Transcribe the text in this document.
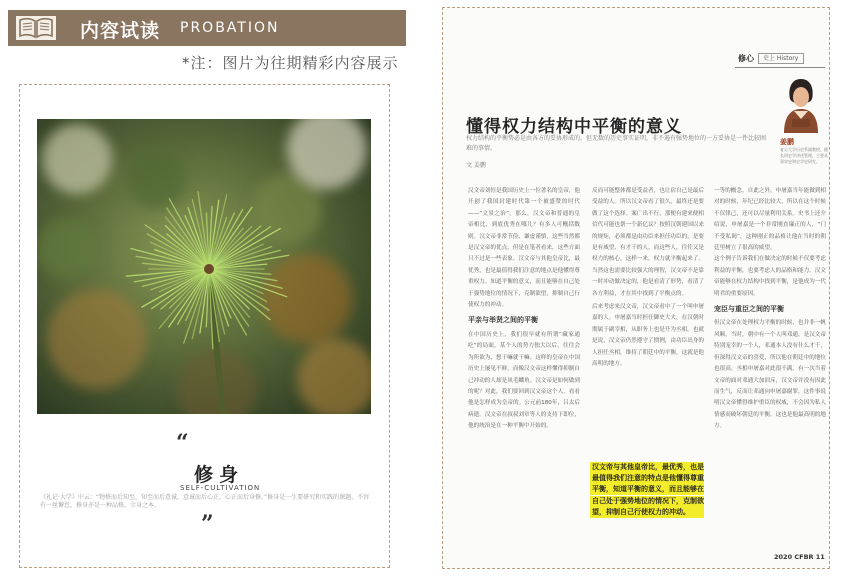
内容试读 PROBATION
*注：图片为往期精彩内容展示
“
修身
SELF-CULTIVATION
《礼记·大学》中云：“物格而后知至，知至而后意诚，意诚而后心正，心正而后身修。”修身是一生要研究和实践的课题，不容有一丝懈怠，修身亦是一种品格，立身之本。
”
修心	史上 History
姜鹏
复旦大学历史系副教授，擅长用史学讲述管理，主要从事宋史和史学史研究。
懂得权力结构中平衡的意义
权力结构的平衡势必是由各方的妥协形成的，但无数的历史事实证明，非不遏有强势地位的一方妥协是一件比较困难的事情。
文 姜鹏

汉文帝刘恒是我国历史上一位著名的皇帝，他开创了我国封建时代第一个被盛赞的时代——“文景之治”。那么，汉文帝和普通的皇帝相比，到底优秀在哪儿？有多人可概括数则。汉文帝非常节俭、谦虚谨慎，这些当然都是汉文帝的优点。但是在笔者看来，这些方面只不过是一些表象。汉文帝与其他皇帝比，最优秀，也是最值得我们注意的地点是他懂得尊重权力。知道平衡的意义，而且能够在自己处于强势地位的情况下，克制欲望，抑制自己行使权力的冲动。

平亲与举贤之间的平衡

在中国历史上，我们很早就有所谓“藏家通吃”的局面。某个人的势力独大以后，往往会为所欲为，想干嘛就干嘛。这样的皇帝在中国历史上屡见不鲜，而像汉文帝这样懂得抑制自己冲动的人却是凤毛麟角。汉文帝是如何做到的呢？对此，我们要回到汉文帝这个人，看看他是怎样成为皇帝的。公元前180年，吕太后病逝。汉文帝在叔叔刘章等人的支持下即位，他的统治是在一种平衡中开始的。

反而可能整体都是受益者，也让宿自己是最后受益的人。所以汉文帝看了很久，最终还是要做了这个选择。案广出不行，那便有建来便相信代可能也帮一个新亿议？按照汉朝建国以来的规矩，必须都是由功臣来担任功臣的，是要是有威望、有才干的人。而这些人，往往又是权力的核心，这样一来，权力就平衡起来了。当然这也需要比较强大的理智，汉文帝不是靠一时冲动做决定的，他是看清了形势，看清了各方利益，才在其中找到了平衡点的。

后来考虑来汉文帝，汉文帝看中了一个叫申屠嘉的人。申屠嘉当时担任御史大夫，在汉朝时期属于副宰相，从职务上也是升为丞相。也就是说，汉文帝仍然遵守了惯例，由功臣出身的人担任丞相，维持了朝廷中的平衡，这就是他高明的地方。

汉文帝与其他皇帝比，最优秀，也是
最值得我们注意的特点是他懂得尊重
平衡，知道平衡的意义，而且能够在
自己处于强势地位的情况下，克制欲
望，抑制自己行使权力的冲动。

一等的概念。自此之外，申屠嘉当年能做到相对的时候，年纪已经比较大，所以在这个时候不仅律己，还可以尽量利用关系。史书上还介绍说，申屠嘉是一个非常刚直廉正的人，“门不受私谒”，这种刚正的品格让他在当时的朝廷里树立了很高的威望。

这个例子告诉我们在做决定的时候不仅要考虑利益的平衡，也要考虑人的品格和能力。汉文帝能够在权力结构中找到平衡，是他成为一代明君的重要原因。

宠臣与重臣之间的平衡

但汉文帝在处理权力平衡的时候，也并非一帆风顺。当时，朝中有一个人叫邓通，是汉文帝特别宠幸的一个人，邓通本人没有什么才干，但深得汉文帝的喜爱，所以他在朝廷中的地位也很高。丞相申屠嘉对此很不满，有一次当着文帝的面对邓通大加训斥，汉文帝并没有因此而生气，反而让邓通向申屠嘉谢罪。这件事说明汉文帝懂得维护重臣的权威，不会因为私人情感而破坏朝廷的平衡，这也是他最高明的地方。

2020 CFBR 11
